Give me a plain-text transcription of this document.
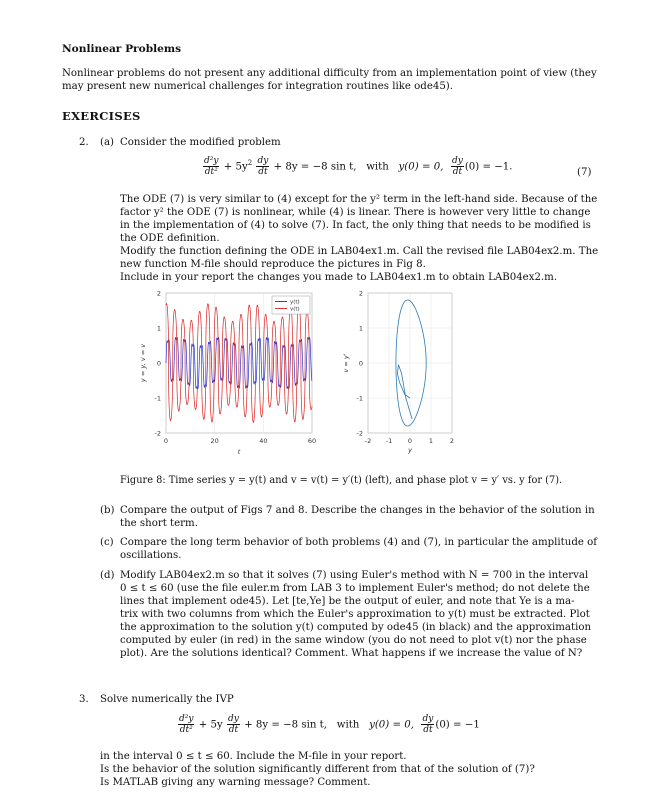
Nonlinear Problems
Nonlinear problems do not present any additional difficulty from an implementation point of view (they
may present new numerical challenges for integration routines like ode45).
EXERCISES
2. (a) Consider the modified problem
$\frac{\text{d²y}}{\text{dt²}} + 5y^2 \frac{dy}{dt} + 8y = -8$ sin t, with y(0) = 0, $\frac{dy}{dt} (0) = -1$.	(7)
The ODE (7) is very similar to (4) except for the y² term in the left-hand side. Because of the
factor y² the ODE (7) is nonlinear, while (4) is linear. There is however very little to change
in the implementation of (4) to solve (7). In fact, the only thing that needs to be modified is
the ODE definition.
Modify the function defining the ODE in LAB04ex1.m. Call the revised file LAB04ex2.m. The
new function M-file should reproduce the pictures in Fig 8.
Include in your report the changes you made to LAB04ex1.m to obtain LAB04ex2.m.
2
1
0
-1
-2
0	20	40	60
t
y = y, v = v
y(t)
v(t)
2
1
0
-1
-2
-2 -1 0	1	2
y
v = y'
Figure 8: Time series y = y(t) and v = v(t) = y′(t) (left), and phase plot v = y′ vs. y for (7).
(b) Compare the output of Figs 7 and 8. Describe the changes in the behavior of the solution in
the short term.
(c) Compare the long term behavior of both problems (4) and (7), in particular the amplitude of
oscillations.
(d) Modify LAB04ex2.m so that it solves (7) using Euler's method with N = 700 in the interval
0 ≤ t ≤ 60 (use the file euler.m from LAB 3 to implement Euler's method; do not delete the
lines that implement ode45). Let [te,Ye] be the output of euler, and note that Ye is a ma-
trix with two columns from which the Euler's approximation to y(t) must be extracted. Plot
the approximation to the solution y(t) computed by ode45 (in black) and the approximation
computed by euler (in red) in the same window (you do not need to plot v(t) nor the phase
plot). Are the solutions identical? Comment. What happens if we increase the value of N?
3. Solve numerically the IVP
$\frac{\text{d²y}}{\text{dt²}} + 5y \frac{dy}{dt} + 8y = -8$ sin t, with y(0) = 0, $\frac{dy}{dt} (0) = -1$
in the interval 0 ≤ t ≤ 60. Include the M-file in your report.
Is the behavior of the solution significantly different from that of the solution of (7)?
Is MATLAB giving any warning message? Comment.
